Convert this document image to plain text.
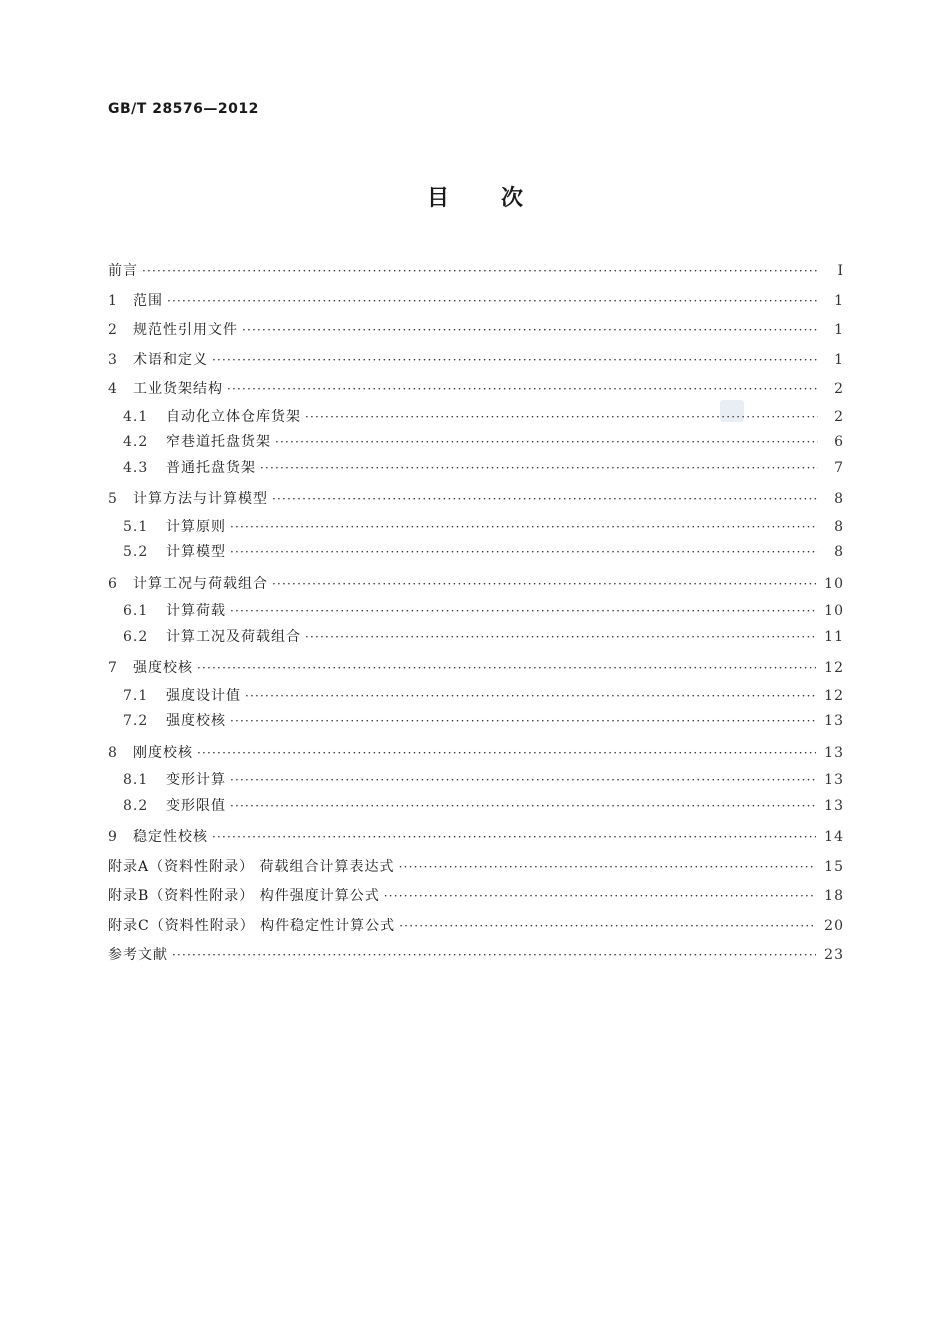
GB/T 28576—2012
目次
前言 ·····	Ⅰ
1	范围 ·····	1
2	规范性引用文件 ·····	1
3	术语和定义 ·····	1
4	工业货架结构 ·····	2
4.1	自动化立体仓库货架 ·····	2
4.2	窄巷道托盘货架 ·····	6
4.3	普通托盘货架 ·····	7
5	计算方法与计算模型 ·····	8
5.1	计算原则 ·····	8
5.2	计算模型 ·····	8
6	计算工况与荷载组合 ·····	10
6.1	计算荷载 ·····	10
6.2	计算工况及荷载组合 ·····	11
7	强度校核 ·····	12
7.1	强度设计值 ·····	12
7.2	强度校核 ·····	13
8	刚度校核 ·····	13
8.1	变形计算 ·····	13
8.2	变形限值 ·····	13
9	稳定性校核 ·····	14
附录A（资料性附录） 荷载组合计算表达式 ·····	15
附录B（资料性附录） 构件强度计算公式 ·····	18
附录C（资料性附录） 构件稳定性计算公式 ·····	20
参考文献 ·····	23
